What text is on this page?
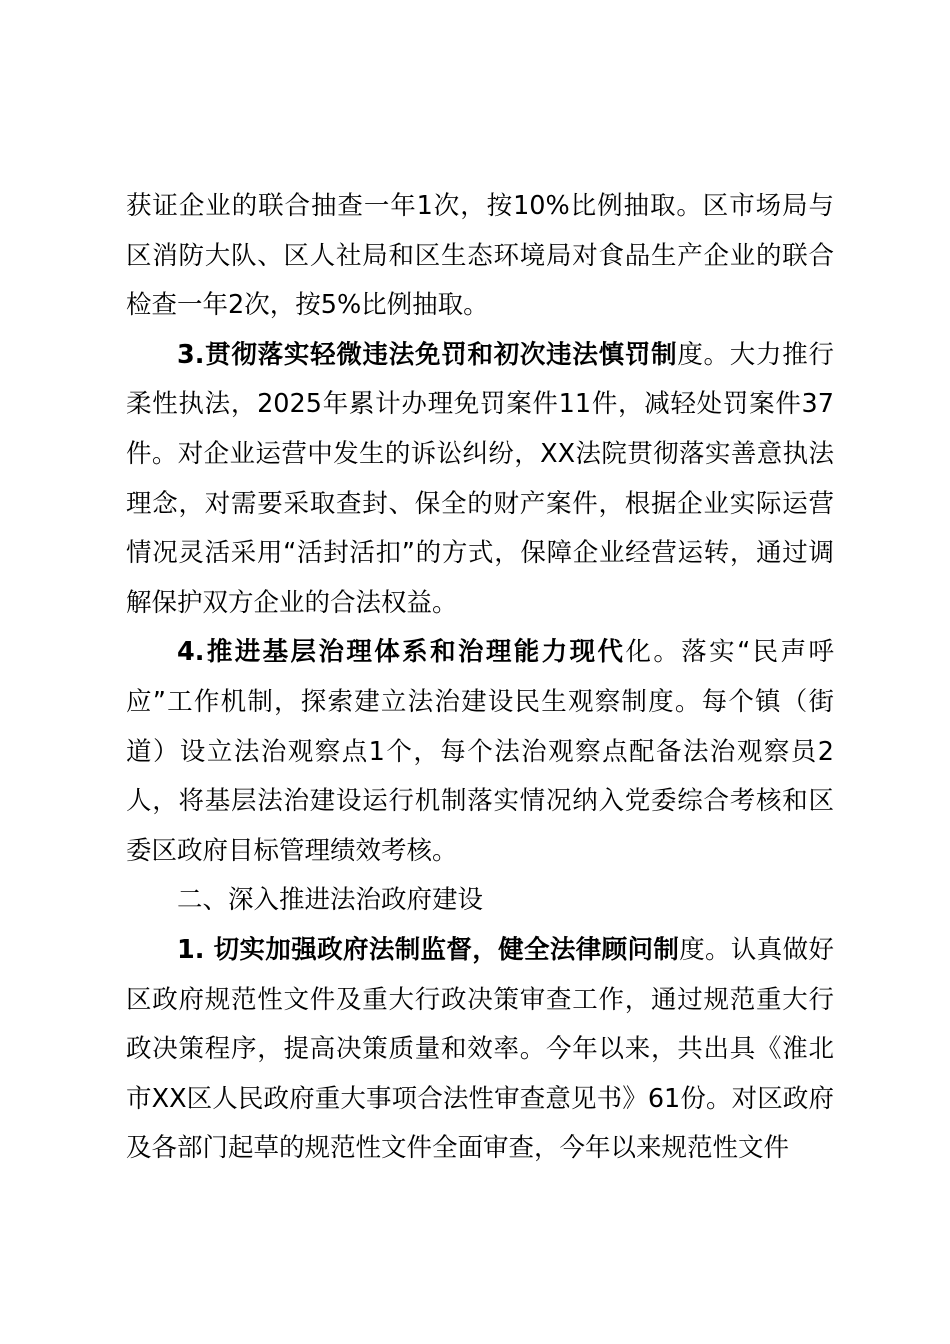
获证企业的联合抽查一年1次，按10%比例抽取。区市场局与区消防大队、区人社局和区生态环境局对食品生产企业的联合检查一年2次，按5%比例抽取。

3.贯彻落实轻微违法免罚和初次违法慎罚制度。大力推行柔性执法，2025年累计办理免罚案件11件，减轻处罚案件37件。对企业运营中发生的诉讼纠纷，XX法院贯彻落实善意执法理念，对需要采取查封、保全的财产案件，根据企业实际运营情况灵活采用“活封活扣”的方式，保障企业经营运转，通过调解保护双方企业的合法权益。

4.推进基层治理体系和治理能力现代化。落实“民声呼应”工作机制，探索建立法治建设民生观察制度。每个镇（街道）设立法治观察点1个，每个法治观察点配备法治观察员2人，将基层法治建设运行机制落实情况纳入党委综合考核和区委区政府目标管理绩效考核。

二、深入推进法治政府建设

1. 切实加强政府法制监督，健全法律顾问制度。认真做好区政府规范性文件及重大行政决策审查工作，通过规范重大行政决策程序，提高决策质量和效率。今年以来，共出具《淮北市XX区人民政府重大事项合法性审查意见书》61份。对区政府及各部门起草的规范性文件全面审查，今年以来规范性文件
